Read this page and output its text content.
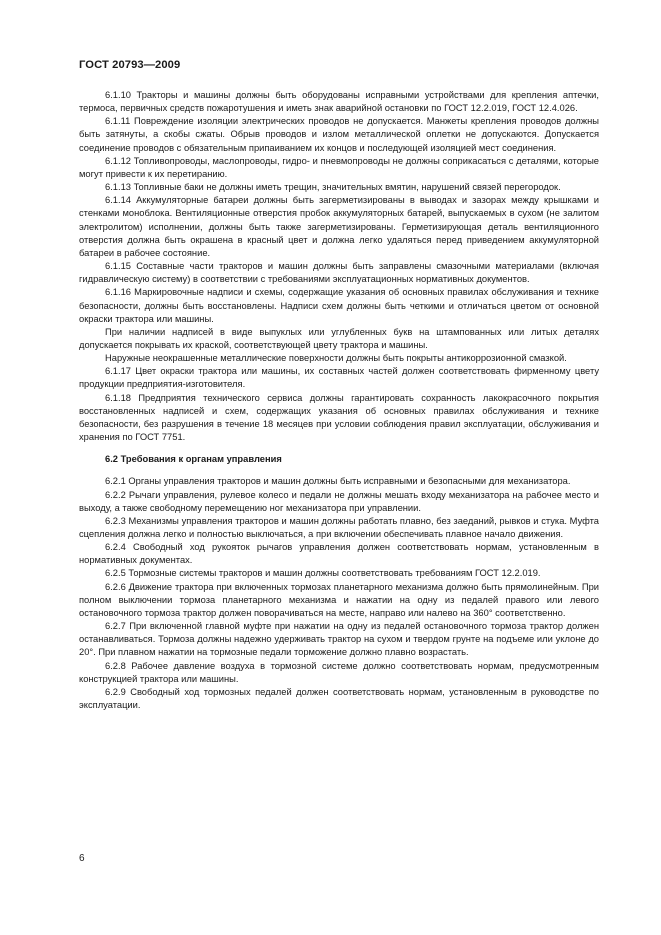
ГОСТ 20793—2009

6.1.10 Тракторы и машины должны быть оборудованы исправными устройствами для крепления аптечки, термоса, первичных средств пожаротушения и иметь знак аварийной остановки по ГОСТ 12.2.019, ГОСТ 12.4.026.

6.1.11 Повреждение изоляции электрических проводов не допускается. Манжеты крепления проводов должны быть затянуты, а скобы сжаты. Обрыв проводов и излом металлической оплетки не допускаются. Допускается соединение проводов с обязательным припаиванием их концов и последующей изоляцией мест соединения.

6.1.12 Топливопроводы, маслопроводы, гидро- и пневмопроводы не должны соприкасаться с деталями, которые могут привести к их перетиранию.

6.1.13 Топливные баки не должны иметь трещин, значительных вмятин, нарушений связей перегородок.

6.1.14 Аккумуляторные батареи должны быть загерметизированы в выводах и зазорах между крышками и стенками моноблока. Вентиляционные отверстия пробок аккумуляторных батарей, выпускаемых в сухом (не залитом электролитом) исполнении, должны быть также загерметизированы. Герметизирующая деталь вентиляционного отверстия должна быть окрашена в красный цвет и должна легко удаляться перед приведением аккумуляторной батареи в рабочее состояние.

6.1.15 Составные части тракторов и машин должны быть заправлены смазочными материалами (включая гидравлическую систему) в соответствии с требованиями эксплуатационных нормативных документов.

6.1.16 Маркировочные надписи и схемы, содержащие указания об основных правилах обслуживания и технике безопасности, должны быть восстановлены. Надписи схем должны быть четкими и отличаться цветом от основной окраски трактора или машины.

При наличии надписей в виде выпуклых или углубленных букв на штампованных или литых деталях допускается покрывать их краской, соответствующей цвету трактора и машины.

Наружные неокрашенные металлические поверхности должны быть покрыты антикоррозионной смазкой.

6.1.17 Цвет окраски трактора или машины, их составных частей должен соответствовать фирменному цвету продукции предприятия-изготовителя.

6.1.18 Предприятия технического сервиса должны гарантировать сохранность лакокрасочного покрытия восстановленных надписей и схем, содержащих указания об основных правилах обслуживания и технике безопасности, без разрушения в течение 18 месяцев при условии соблюдения правил эксплуатации, обслуживания и хранения по ГОСТ 7751.

6.2 Требования к органам управления

6.2.1 Органы управления тракторов и машин должны быть исправными и безопасными для механизатора.

6.2.2 Рычаги управления, рулевое колесо и педали не должны мешать входу механизатора на рабочее место и выходу, а также свободному перемещению ног механизатора при управлении.

6.2.3 Механизмы управления тракторов и машин должны работать плавно, без заеданий, рывков и стука. Муфта сцепления должна легко и полностью выключаться, а при включении обеспечивать плавное начало движения.

6.2.4 Свободный ход рукояток рычагов управления должен соответствовать нормам, установленным в нормативных документах.

6.2.5 Тормозные системы тракторов и машин должны соответствовать требованиям ГОСТ 12.2.019.

6.2.6 Движение трактора при включенных тормозах планетарного механизма должно быть прямолинейным. При полном выключении тормоза планетарного механизма и нажатии на одну из педалей правого или левого остановочного тормоза трактор должен поворачиваться на месте, направо или налево на 360° соответственно.

6.2.7 При включенной главной муфте при нажатии на одну из педалей остановочного тормоза трактор должен останавливаться. Тормоза должны надежно удерживать трактор на сухом и твердом грунте на подъеме или уклоне до 20°. При плавном нажатии на тормозные педали торможение должно плавно возрастать.

6.2.8 Рабочее давление воздуха в тормозной системе должно соответствовать нормам, предусмотренным конструкцией трактора или машины.

6.2.9 Свободный ход тормозных педалей должен соответствовать нормам, установленным в руководстве по эксплуатации.

6
